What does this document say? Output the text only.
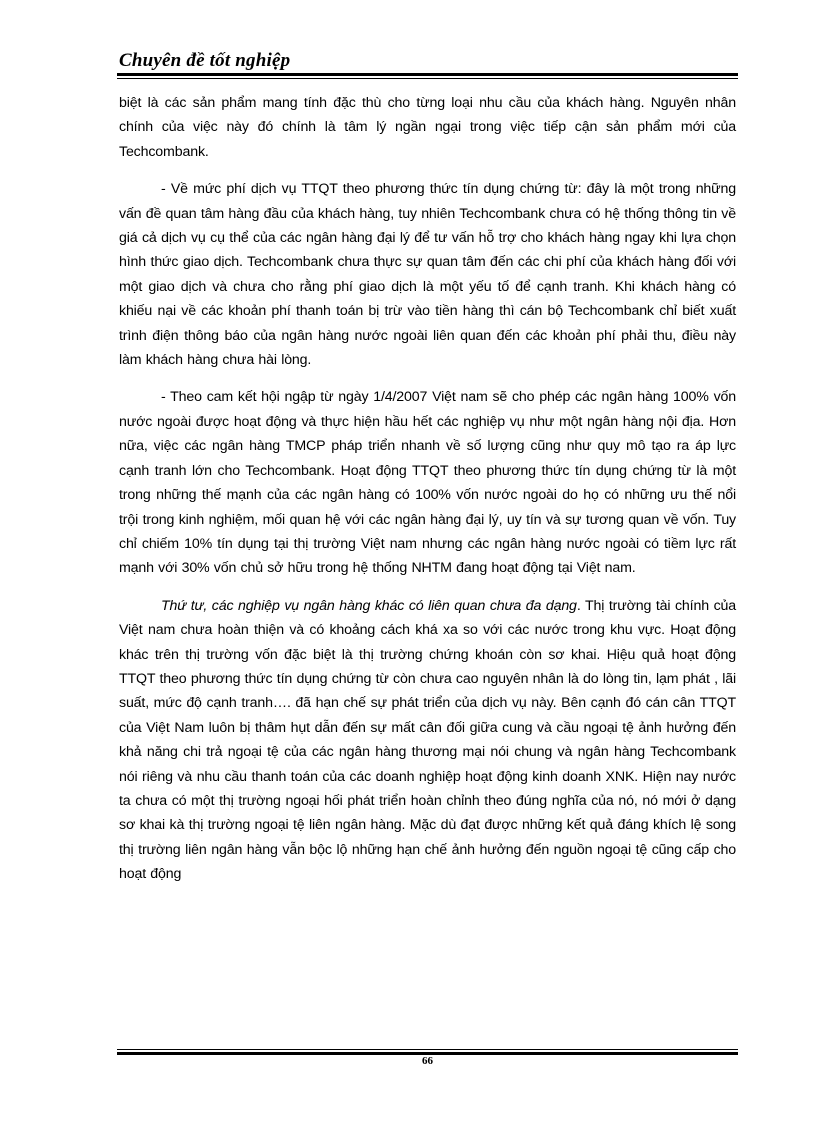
Chuyên đề tốt nghiệp

biệt là các sản phẩm mang tính đặc thù cho từng loại nhu cầu của khách hàng. Nguyên nhân chính của việc này đó chính là tâm lý ngần ngại trong việc tiếp cận sản phẩm mới của Techcombank.

- Về mức phí dịch vụ TTQT theo phương thức tín dụng chứng từ: đây là một trong những vấn đề quan tâm hàng đầu của khách hàng, tuy nhiên Techcombank chưa có hệ thống thông tin về giá cả dịch vụ cụ thể của các ngân hàng đại lý để tư vấn hỗ trợ cho khách hàng ngay khi lựa chọn hình thức giao dịch. Techcombank chưa thực sự quan tâm đến các chi phí của khách hàng đối với một giao dịch và chưa cho rằng phí giao dịch là một yếu tố để cạnh tranh. Khi khách hàng có khiếu nại về các khoản phí thanh toán bị trừ vào tiền hàng thì cán bộ Techcombank chỉ biết xuất trình điện thông báo của ngân hàng nước ngoài liên quan đến các khoản phí phải thu, điều này làm khách hàng chưa hài lòng.

- Theo cam kết hội ngập từ ngày 1/4/2007 Việt nam sẽ cho phép các ngân hàng 100% vốn nước ngoài được hoạt động và thực hiện hầu hết các nghiệp vụ như một ngân hàng nội địa. Hơn nữa, việc các ngân hàng TMCP pháp triển nhanh về số lượng cũng như quy mô tạo ra áp lực cạnh tranh lớn cho Techcombank. Hoạt động TTQT theo phương thức tín dụng chứng từ là một trong những thế mạnh của các ngân hàng có 100% vốn nước ngoài do họ có những ưu thế nổi trội trong kinh nghiệm, mối quan hệ với các ngân hàng đại lý, uy tín và sự tương quan về vốn. Tuy chỉ chiếm 10% tín dụng tại thị trường Việt nam nhưng các ngân hàng nước ngoài có tiềm lực rất mạnh với 30% vốn chủ sở hữu trong hệ thống NHTM đang hoạt động tại Việt nam.

Thứ tư, các nghiệp vụ ngân hàng khác có liên quan chưa đa dạng. Thị trường tài chính của Việt nam chưa hoàn thiện và có khoảng cách khá xa so với các nước trong khu vực. Hoạt động khác trên thị trường vốn đặc biệt là thị trường chứng khoán còn sơ khai. Hiệu quả hoạt động TTQT theo phương thức tín dụng chứng từ còn chưa cao nguyên nhân là do lòng tin, lạm phát , lãi suất, mức độ cạnh tranh…. đã hạn chế sự phát triển của dịch vụ này. Bên cạnh đó cán cân TTQT của Việt Nam luôn bị thâm hụt dẫn đến sự mất cân đối giữa cung và cầu ngoại tệ ảnh hưởng đến khả năng chi trả ngoại tệ của các ngân hàng thương mại nói chung và ngân hàng Techcombank nói riêng và nhu cầu thanh toán của các doanh nghiệp hoạt động kinh doanh XNK. Hiện nay nước ta chưa có một thị trường ngoại hối phát triển hoàn chỉnh theo đúng nghĩa của nó, nó mới ở dạng sơ khai kà thị trường ngoại tệ liên ngân hàng. Mặc dù đạt được những kết quả đáng khích lệ song thị trường liên ngân hàng vẫn bộc lộ những hạn chế ảnh hưởng đến nguồn ngoại tệ cũng cấp cho hoạt động

66
